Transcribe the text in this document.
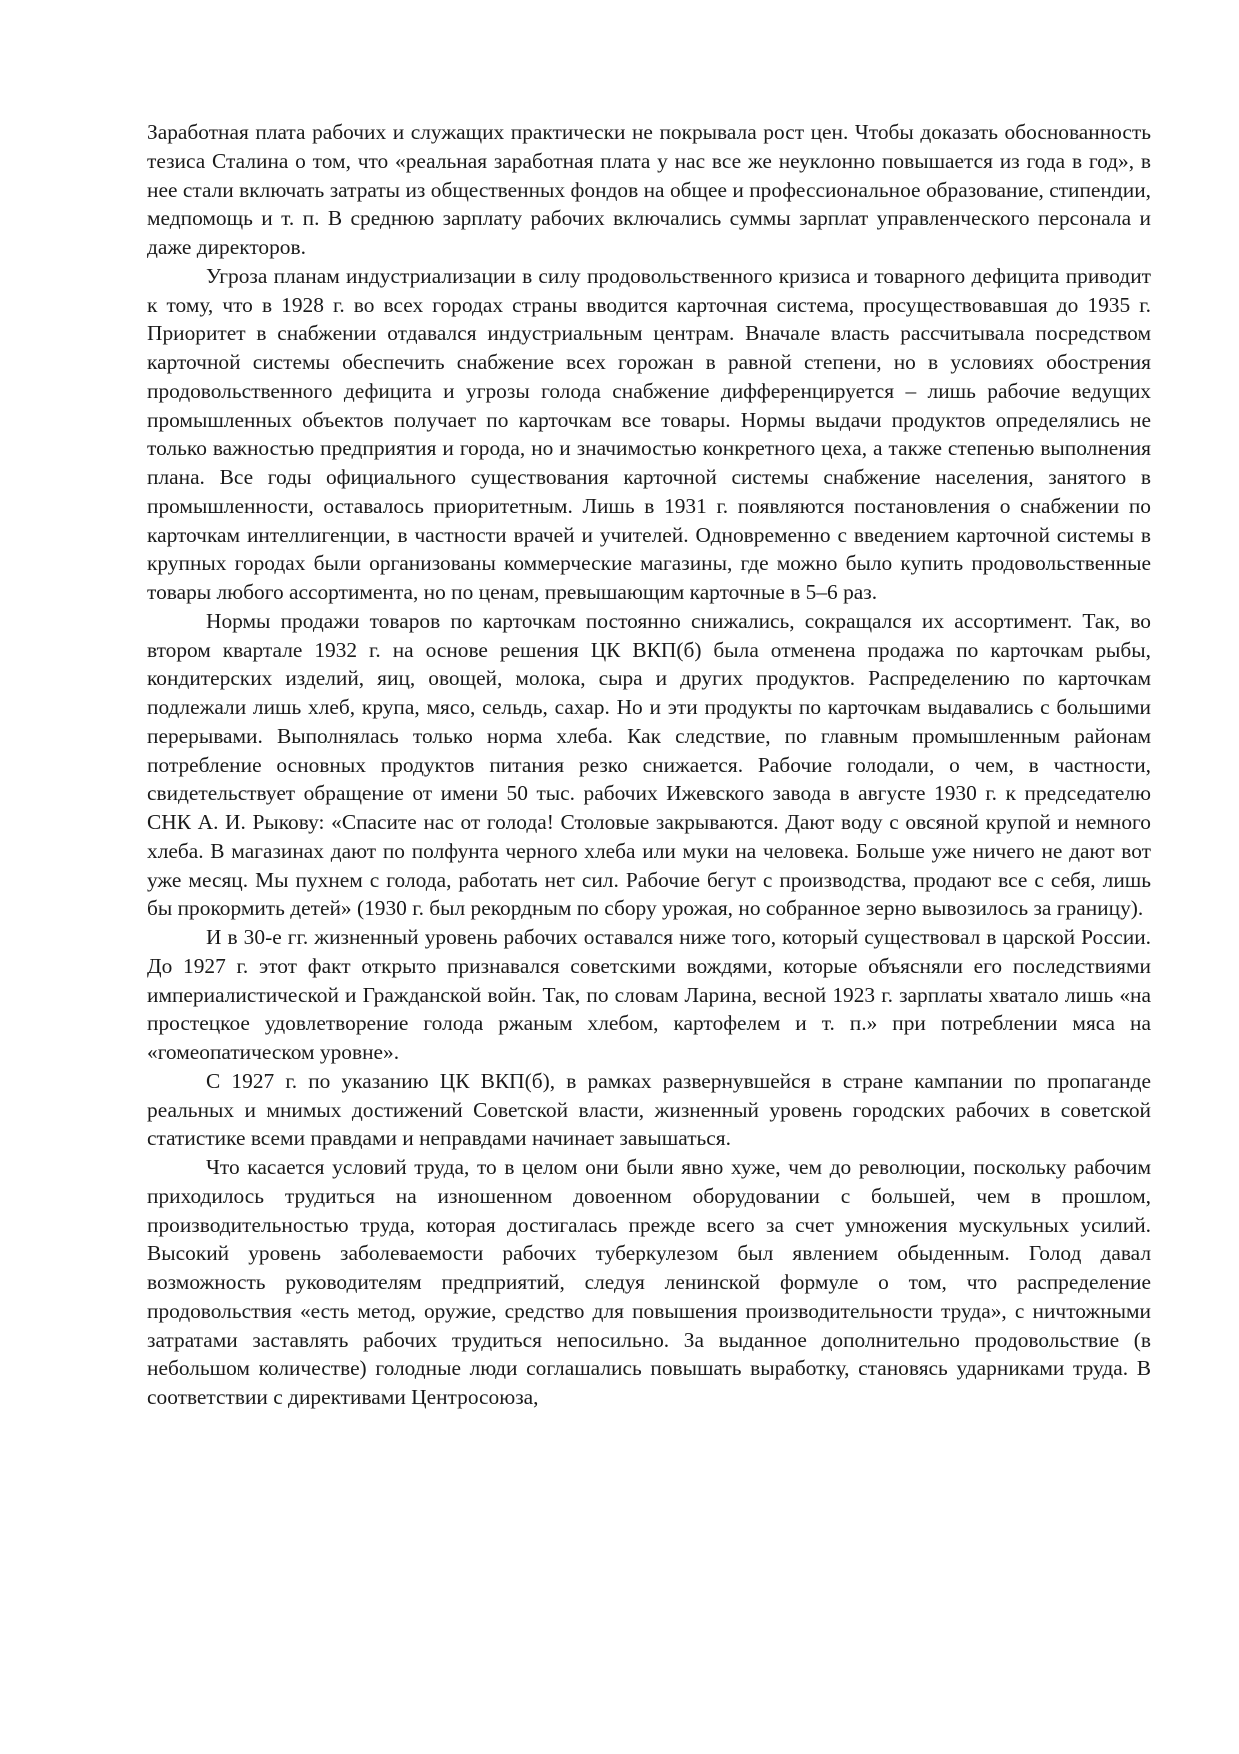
Заработная плата рабочих и служащих практически не покрывала рост цен. Чтобы доказать обоснованность тезиса Сталина о том, что «реальная заработная плата у нас все же неуклонно повышается из года в год», в нее стали включать затраты из общественных фондов на общее и профессиональное образование, стипендии, медпомощь и т. п. В среднюю зарплату рабочих включались суммы зарплат управленческого персонала и даже директоров.

Угроза планам индустриализации в силу продовольственного кризиса и товарного дефицита приводит к тому, что в 1928 г. во всех городах страны вводится карточная система, просуществовавшая до 1935 г. Приоритет в снабжении отдавался индустриальным центрам. Вначале власть рассчитывала посредством карточной системы обеспечить снабжение всех горожан в равной степени, но в условиях обострения продовольственного дефицита и угрозы голода снабжение дифференцируется – лишь рабочие ведущих промышленных объектов получает по карточкам все товары. Нормы выдачи продуктов определялись не только важностью предприятия и города, но и значимостью конкретного цеха, а также степенью выполнения плана. Все годы официального существования карточной системы снабжение населения, занятого в промышленности, оставалось приоритетным. Лишь в 1931 г. появляются постановления о снабжении по карточкам интеллигенции, в частности врачей и учителей. Одновременно с введением карточной системы в крупных городах были организованы коммерческие магазины, где можно было купить продовольственные товары любого ассортимента, но по ценам, превышающим карточные в 5–6 раз.

Нормы продажи товаров по карточкам постоянно снижались, сокращался их ассортимент. Так, во втором квартале 1932 г. на основе решения ЦК ВКП(б) была отменена продажа по карточкам рыбы, кондитерских изделий, яиц, овощей, молока, сыра и других продуктов. Распределению по карточкам подлежали лишь хлеб, крупа, мясо, сельдь, сахар. Но и эти продукты по карточкам выдавались с большими перерывами. Выполнялась только норма хлеба. Как следствие, по главным промышленным районам потребление основных продуктов питания резко снижается. Рабочие голодали, о чем, в частности, свидетельствует обращение от имени 50 тыс. рабочих Ижевского завода в августе 1930 г. к председателю СНК А. И. Рыкову: «Спасите нас от голода! Столовые закрываются. Дают воду с овсяной крупой и немного хлеба. В магазинах дают по полфунта черного хлеба или муки на человека. Больше уже ничего не дают вот уже месяц. Мы пухнем с голода, работать нет сил. Рабочие бегут с производства, продают все с себя, лишь бы прокормить детей» (1930 г. был рекордным по сбору урожая, но собранное зерно вывозилось за границу).

И в 30-е гг. жизненный уровень рабочих оставался ниже того, который существовал в царской России. До 1927 г. этот факт открыто признавался советскими вождями, которые объясняли его последствиями империалистической и Гражданской войн. Так, по словам Ларина, весной 1923 г. зарплаты хватало лишь «на простецкое удовлетворение голода ржаным хлебом, картофелем и т. п.» при потреблении мяса на «гомеопатическом уровне».

С 1927 г. по указанию ЦК ВКП(б), в рамках развернувшейся в стране кампании по пропаганде реальных и мнимых достижений Советской власти, жизненный уровень городских рабочих в советской статистике всеми правдами и неправдами начинает завышаться.

Что касается условий труда, то в целом они были явно хуже, чем до революции, поскольку рабочим приходилось трудиться на изношенном довоенном оборудовании с большей, чем в прошлом, производительностью труда, которая достигалась прежде всего за счет умножения мускульных усилий. Высокий уровень заболеваемости рабочих туберкулезом был явлением обыденным. Голод давал возможность руководителям предприятий, следуя ленинской формуле о том, что распределение продовольствия «есть метод, оружие, средство для повышения производительности труда», с ничтожными затратами заставлять рабочих трудиться непосильно. За выданное дополнительно продовольствие (в небольшом количестве) голодные люди соглашались повышать выработку, становясь ударниками труда. В соответствии с директивами Центросоюза,
